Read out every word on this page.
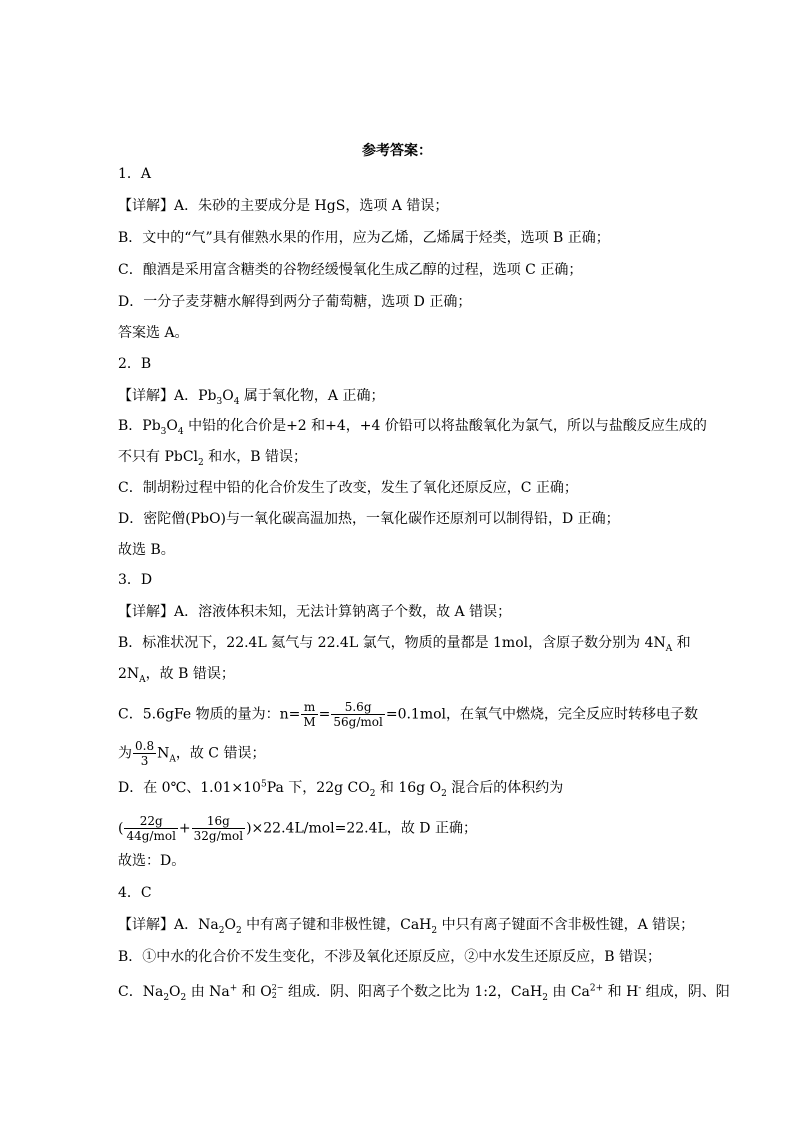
参考答案：
1．A
【详解】A．朱砂的主要成分是 HgS，选项 A 错误；
B．文中的“气”具有催熟水果的作用，应为乙烯，乙烯属于烃类，选项 B 正确；
C．酿酒是采用富含糖类的谷物经缓慢氧化生成乙醇的过程，选项 C 正确；
D．一分子麦芽糖水解得到两分子葡萄糖，选项 D 正确；
答案选 A。
2．B
【详解】A．$Pb_3O_4$ 属于氧化物，A 正确；
B．$Pb_3O_4$ 中铅的化合价是+2 和+4，+4 价铅可以将盐酸氧化为氯气，所以与盐酸反应生成的
不只有 PbCl$_2$ 和水，B 错误；
C．制胡粉过程中铅的化合价发生了改变，发生了氧化还原反应，C 正确；
D．密陀僧(PbO)与一氧化碳高温加热，一氧化碳作还原剂可以制得铅，D 正确；
故选 B。
3．D
【详解】A．溶液体积未知，无法计算钠离子个数，故 A 错误；
B．标准状况下，22.4L 氦气与 22.4L 氯气，物质的量都是 1mol，含原子数分别为 $4N_A$ 和
$2N_A$，故 B 错误；
C．5.6gFe 物质的量为：$n= \frac{m}{M} = \frac{5.6g}{\text{56g/mol}} =0.1mol$，在氧气中燃烧，完全反应时转移电子数
为 $\frac{0.8}{3} N_A$，故 C 错误；
D．在 0℃、$1.01\times 10^5Pa$ 下，22g $CO_2$ 和 16g $O_2$ 混合后的体积约为
( $\frac{22g}{\text{44g/mol}} + \frac{16g}{\text{32g/mol}} )\times 22.4L/mol=22.4L$，故 D 正确；
故选：D。
4．C
【详解】A．$Na_2O_2$ 中有离子键和非极性键，CaH$_2$ 中只有离子键面不含非极性键，A 错误；
B．①中水的化合价不发生变化，不涉及氧化还原反应，②中水发生还原反应，B 错误；
C．$Na_2O_2$ 由 Na+ 和 O 2−
2 组成．阴、阳离子个数之比为 1:2，CaH$_2$ 由 $Ca^{2+}$ 和 H- 组成，阴、阳
